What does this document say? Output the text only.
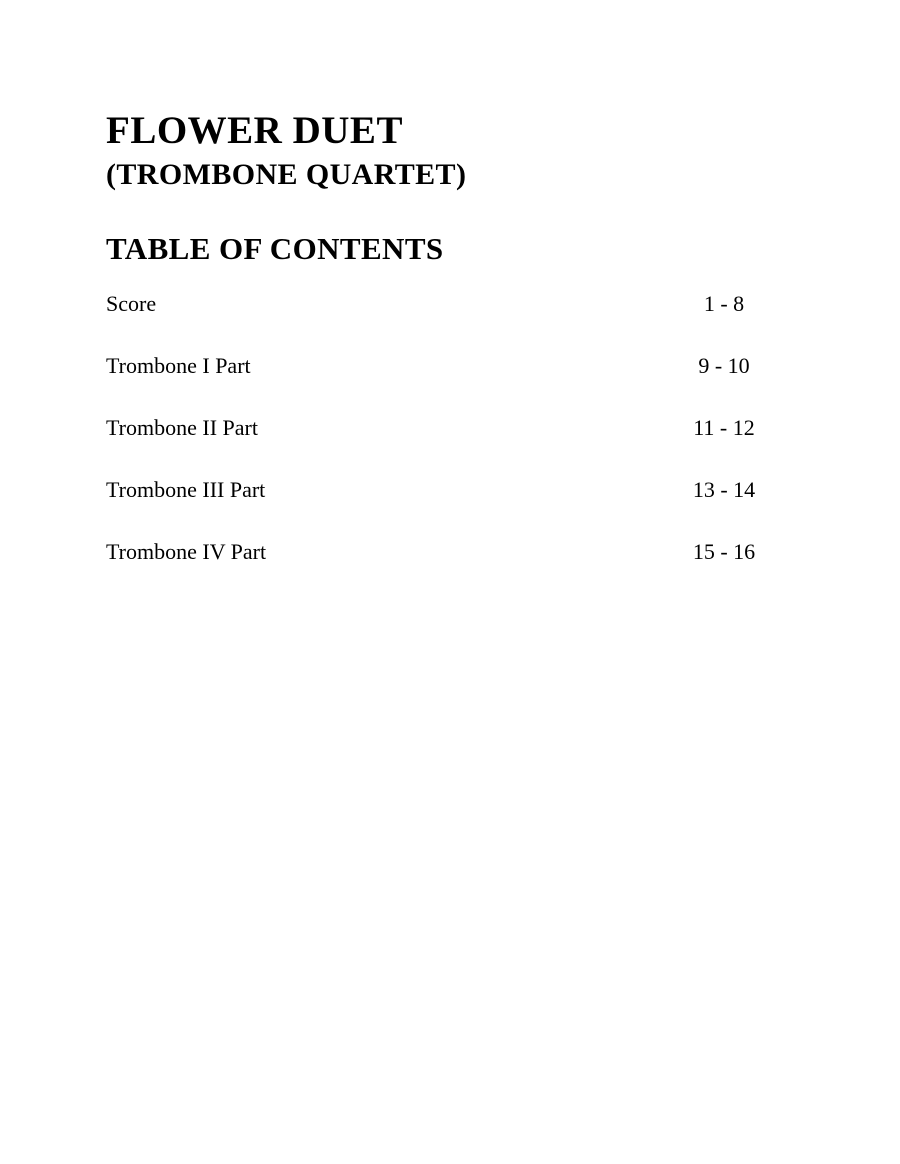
FLOWER DUET
(TROMBONE QUARTET)
TABLE OF CONTENTS
Score	1 - 8
Trombone I Part	9 - 10
Trombone II Part	11 - 12
Trombone III Part	13 - 14
Trombone IV Part	15 - 16
